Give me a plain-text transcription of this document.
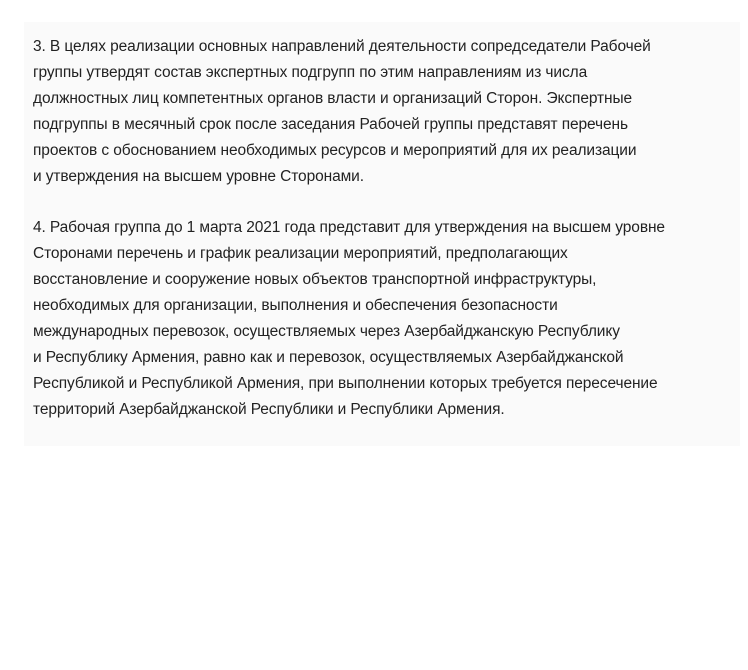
3. В целях реализации основных направлений деятельности сопредседатели Рабочей
группы утвердят состав экспертных подгрупп по этим направлениям из числа
должностных лиц компетентных органов власти и организаций Сторон. Экспертные
подгруппы в месячный срок после заседания Рабочей группы представят перечень
проектов с обоснованием необходимых ресурсов и мероприятий для их реализации
и утверждения на высшем уровне Сторонами.

4. Рабочая группа до 1 марта 2021 года представит для утверждения на высшем уровне
Сторонами перечень и график реализации мероприятий, предполагающих
восстановление и сооружение новых объектов транспортной инфраструктуры,
необходимых для организации, выполнения и обеспечения безопасности
международных перевозок, осуществляемых через Азербайджанскую Республику
и Республику Армения, равно как и перевозок, осуществляемых Азербайджанской
Республикой и Республикой Армения, при выполнении которых требуется пересечение
территорий Азербайджанской Республики и Республики Армения.
